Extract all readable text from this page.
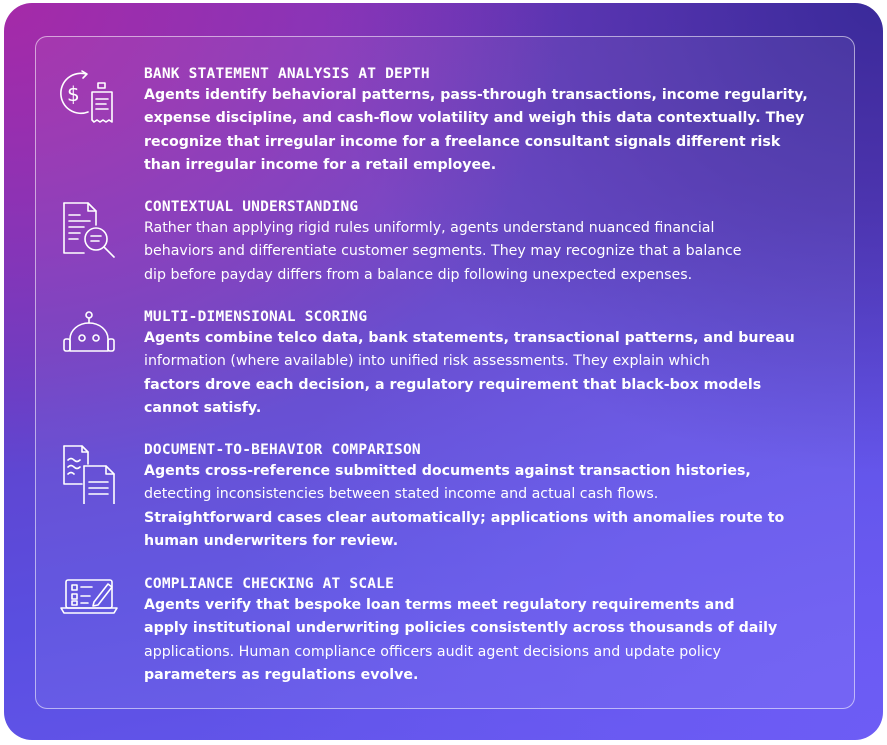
$

BANK STATEMENT ANALYSIS AT DEPTH

Agents identify behavioral patterns, pass-through transactions, income regularity,
expense discipline, and cash-flow volatility and weigh this data contextually. They
recognize that irregular income for a freelance consultant signals different risk
than irregular income for a retail employee.

CONTEXTUAL UNDERSTANDING

Rather than applying rigid rules uniformly, agents understand nuanced financial
behaviors and differentiate customer segments. They may recognize that a balance
dip before payday differs from a balance dip following unexpected expenses.

MULTI-DIMENSIONAL SCORING

Agents combine telco data, bank statements, transactional patterns, and bureau
information (where available) into unified risk assessments. They explain which
factors drove each decision, a regulatory requirement that black-box models
cannot satisfy.

DOCUMENT-TO-BEHAVIOR COMPARISON

Agents cross-reference submitted documents against transaction histories,
detecting inconsistencies between stated income and actual cash flows.
Straightforward cases clear automatically; applications with anomalies route to
human underwriters for review.

COMPLIANCE CHECKING AT SCALE

Agents verify that bespoke loan terms meet regulatory requirements and
apply institutional underwriting policies consistently across thousands of daily
applications. Human compliance officers audit agent decisions and update policy
parameters as regulations evolve.
